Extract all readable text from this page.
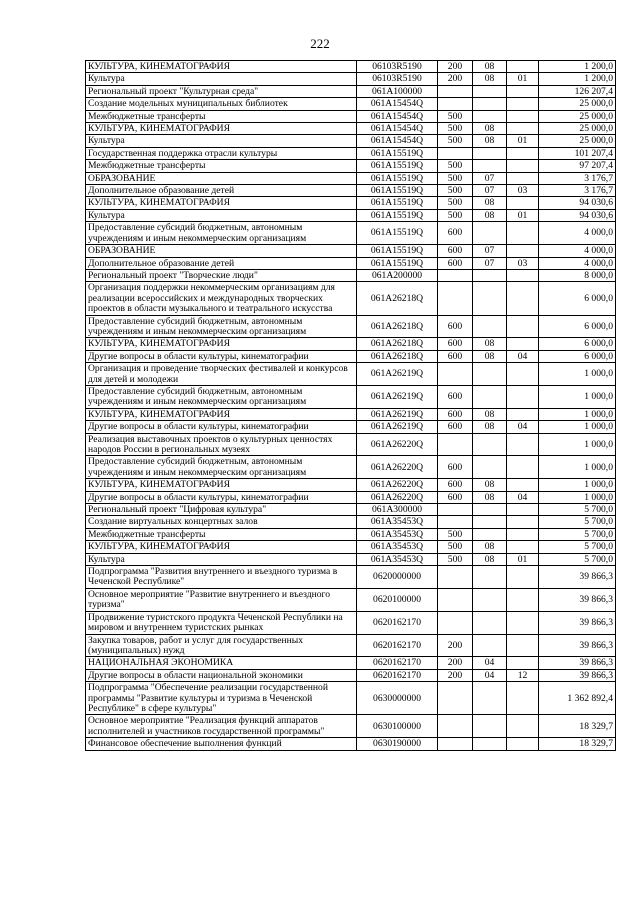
222
КУЛЬТУРА, КИНЕМАТОГРАФИЯ	06103R5190	200	08		1 200,0
Культура	06103R5190	200	08	01	1 200,0
Региональный проект "Культурная среда"	061A100000				126 207,4
Создание модельных муниципальных библиотек	061A15454Q				25 000,0
Межбюджетные трансферты	061A15454Q	500			25 000,0
КУЛЬТУРА, КИНЕМАТОГРАФИЯ	061A15454Q	500	08		25 000,0
Культура	061A15454Q	500	08	01	25 000,0
Государственная поддержка отрасли культуры	061A15519Q				101 207,4
Межбюджетные трансферты	061A15519Q	500			97 207,4
ОБРАЗОВАНИЕ	061A15519Q	500	07		3 176,7
Дополнительное образование детей	061A15519Q	500	07	03	3 176,7
КУЛЬТУРА, КИНЕМАТОГРАФИЯ	061A15519Q	500	08		94 030,6
Культура	061A15519Q	500	08	01	94 030,6
Предоставление субсидий бюджетным, автономным учреждениям и иным некоммерческим организациям	061A15519Q	600			4 000,0
ОБРАЗОВАНИЕ	061A15519Q	600	07		4 000,0
Дополнительное образование детей	061A15519Q	600	07	03	4 000,0
Региональный проект "Творческие люди"	061A200000				8 000,0
Организация поддержки некоммерческим организациям для реализации всероссийских и международных творческих проектов в области музыкального и театрального искусства	061A26218Q				6 000,0
Предоставление субсидий бюджетным, автономным учреждениям и иным некоммерческим организациям	061A26218Q	600			6 000,0
КУЛЬТУРА, КИНЕМАТОГРАФИЯ	061A26218Q	600	08		6 000,0
Другие вопросы в области культуры, кинематографии	061A26218Q	600	08	04	6 000,0
Организация и проведение творческих фестивалей и конкурсов для детей и молодежи	061A26219Q				1 000,0
Предоставление субсидий бюджетным, автономным учреждениям и иным некоммерческим организациям	061A26219Q	600			1 000,0
КУЛЬТУРА, КИНЕМАТОГРАФИЯ	061A26219Q	600	08		1 000,0
Другие вопросы в области культуры, кинематографии	061A26219Q	600	08	04	1 000,0
Реализация выставочных проектов о культурных ценностях народов России в региональных музеях	061A26220Q				1 000,0
Предоставление субсидий бюджетным, автономным учреждениям и иным некоммерческим организациям	061A26220Q	600			1 000,0
КУЛЬТУРА, КИНЕМАТОГРАФИЯ	061A26220Q	600	08		1 000,0
Другие вопросы в области культуры, кинематографии	061A26220Q	600	08	04	1 000,0
Региональный проект "Цифровая культура"	061A300000				5 700,0
Создание виртуальных концертных залов	061A35453Q				5 700,0
Межбюджетные трансферты	061A35453Q	500			5 700,0
КУЛЬТУРА, КИНЕМАТОГРАФИЯ	061A35453Q	500	08		5 700,0
Культура	061A35453Q	500	08	01	5 700,0
Подпрограмма "Развития внутреннего и въездного туризма в Чеченской Республике"	0620000000				39 866,3
Основное мероприятие "Развитие внутреннего и въездного туризма"	0620100000				39 866,3
Продвижение туристского продукта Чеченской Республики на мировом и внутреннем туристских рынках	0620162170				39 866,3
Закупка товаров, работ и услуг для государственных (муниципальных) нужд	0620162170	200			39 866,3
НАЦИОНАЛЬНАЯ ЭКОНОМИКА	0620162170	200	04		39 866,3
Другие вопросы в области национальной экономики	0620162170	200	04	12	39 866,3
Подпрограмма "Обеспечение реализации государственной программы "Развитие культуры и туризма в Чеченской Республике" в сфере культуры"	0630000000				1 362 892,4
Основное мероприятие "Реализация функций аппаратов исполнителей и участников государственной программы"	0630100000				18 329,7
Финансовое обеспечение выполнения функций	0630190000				18 329,7
